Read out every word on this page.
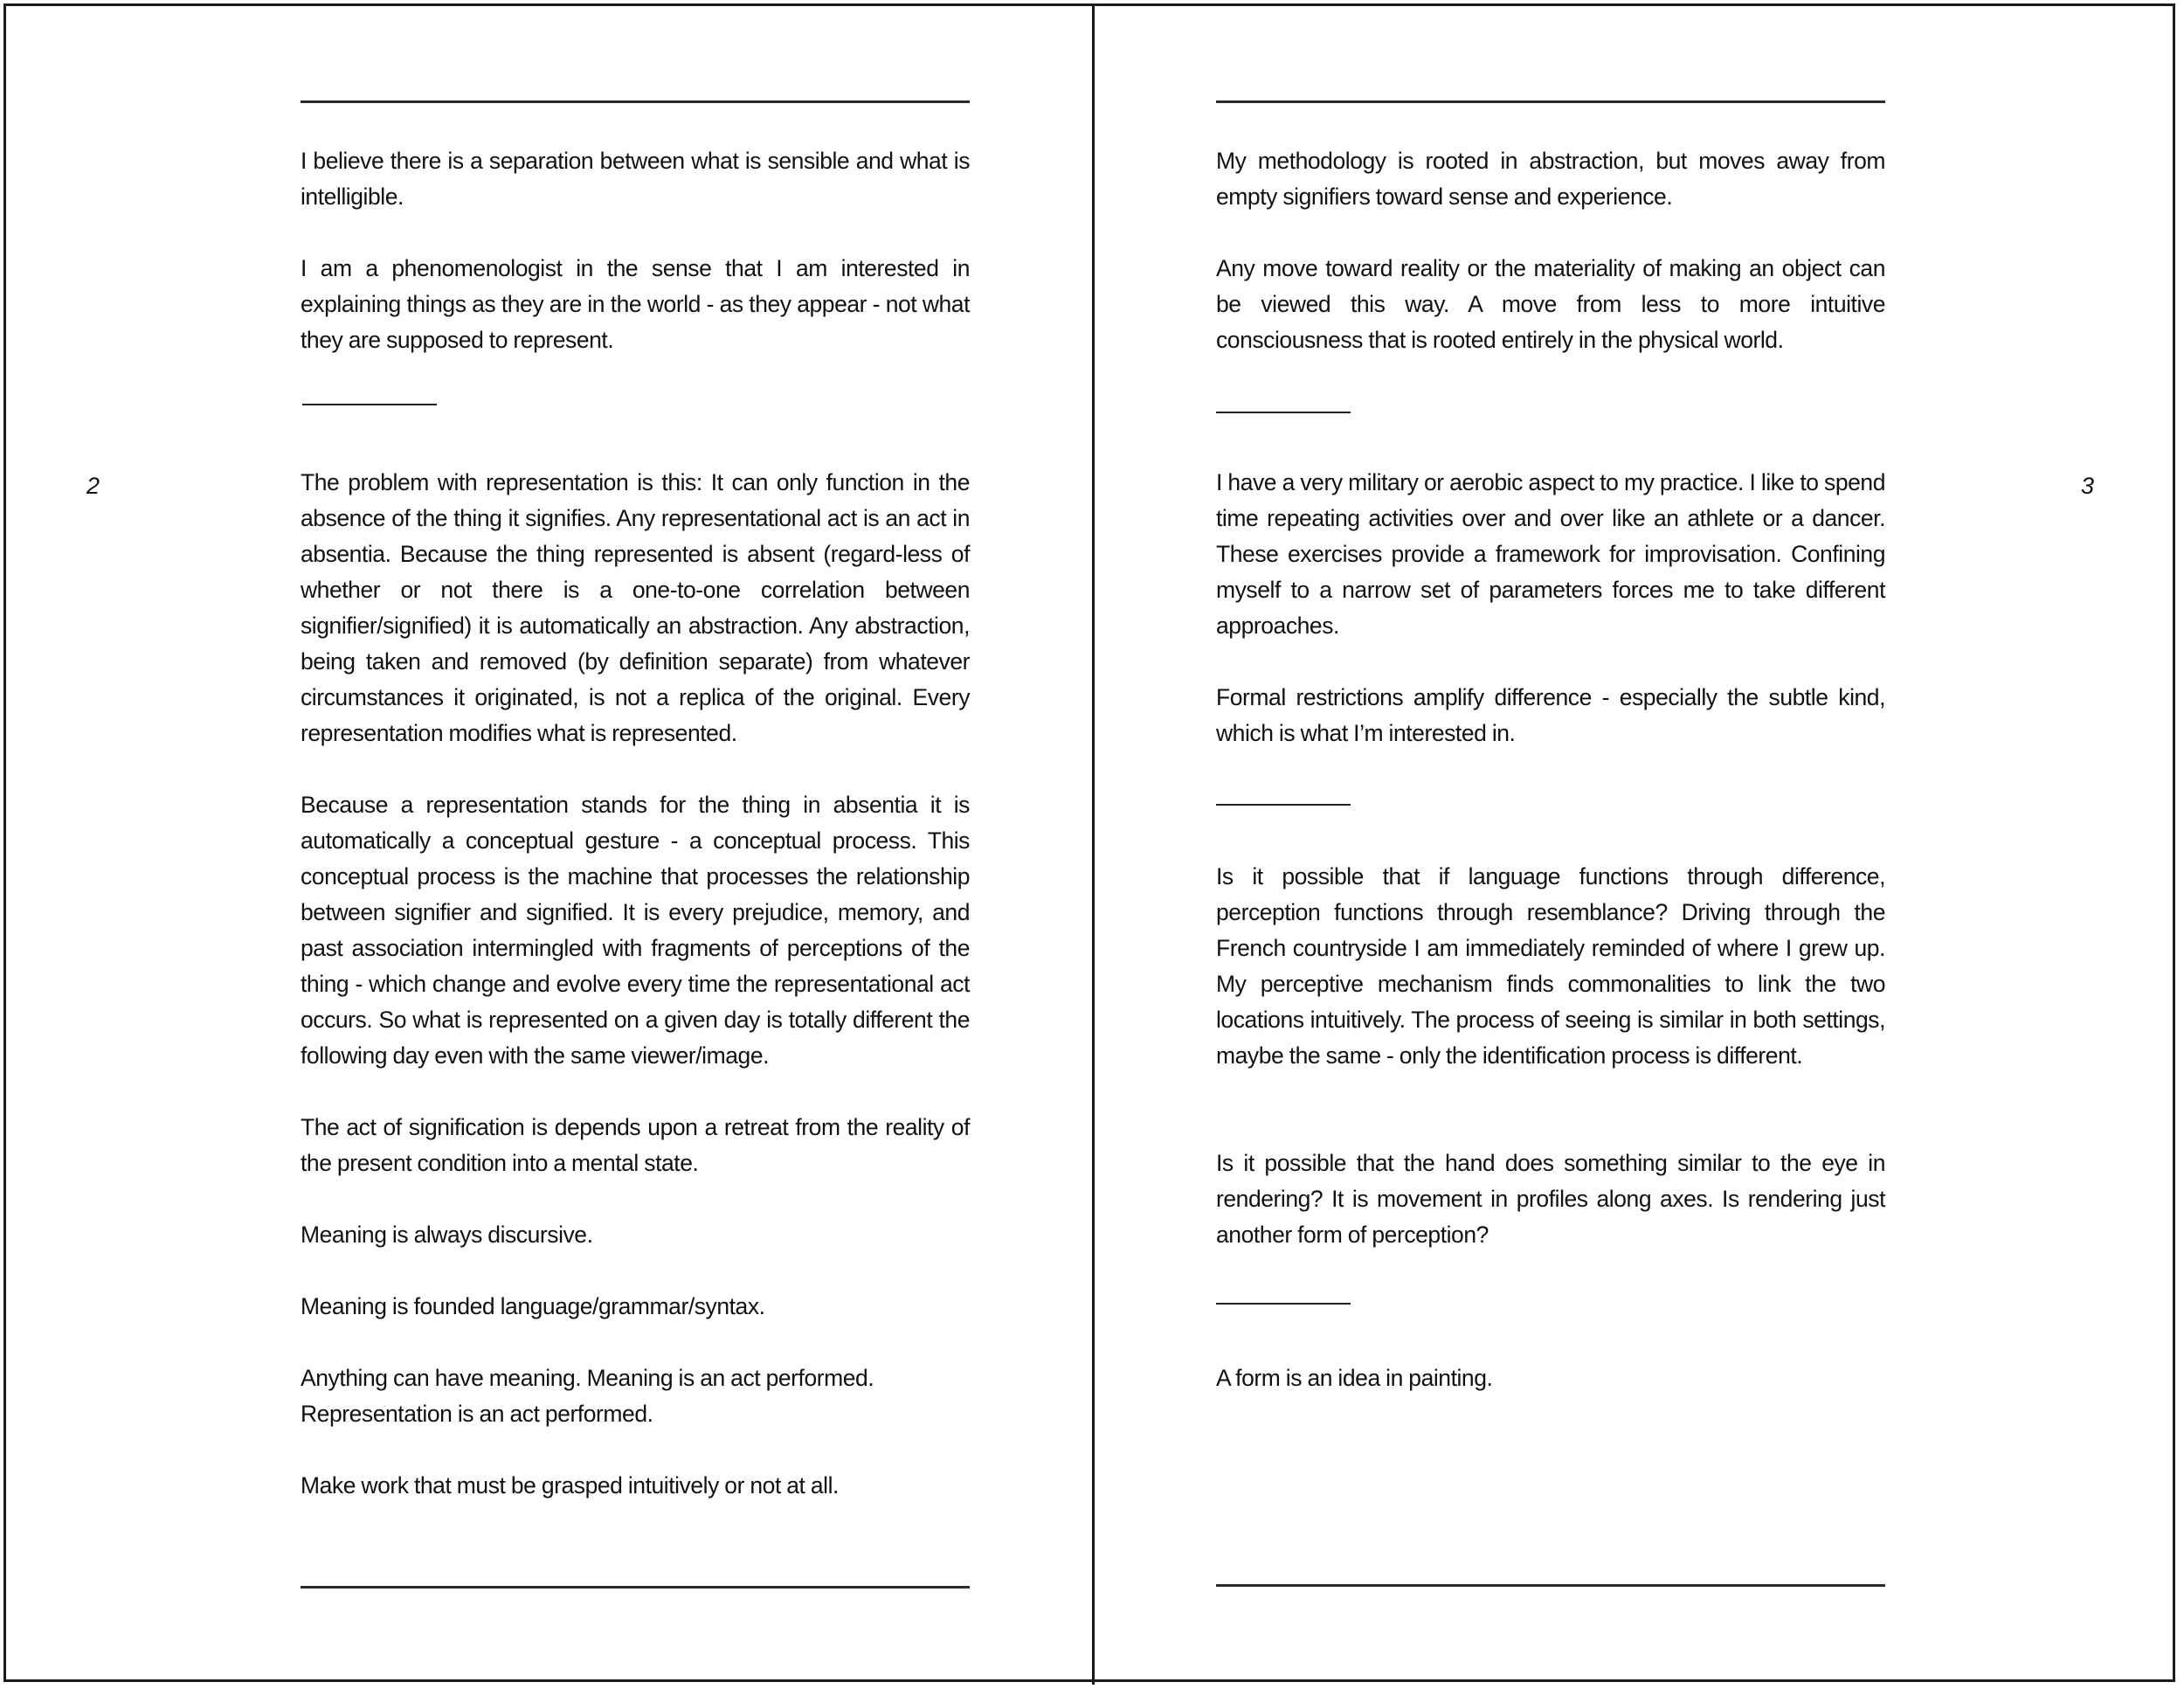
2

I believe there is a separation between what is sensible and what is intelligible.

I am a phenomenologist in the sense that I am interested in explaining things as they are in the world - as they appear - not what they are supposed to represent.

The problem with representation is this: It can only function in the absence of the thing it signifies. Any representational act is an act in absentia. Because the thing represented is absent (regard-less of whether or not there is a one-to-one correlation between signifier/signified) it is automatically an abstraction. Any abstraction, being taken and removed (by definition separate) from whatever circumstances it originated, is not a replica of the original. Every representation modifies what is represented.

Because a representation stands for the thing in absentia it is automatically a conceptual gesture - a conceptual process. This conceptual process is the machine that processes the relationship between signifier and signified. It is every prejudice, memory, and past association intermingled with fragments of perceptions of the thing - which change and evolve every time the representational act occurs. So what is represented on a given day is totally different the following day even with the same viewer/image.

The act of signification is depends upon a retreat from the reality of the present condition into a mental state.

Meaning is always discursive.

Meaning is founded language/grammar/syntax.

Anything can have meaning. Meaning is an act performed. Representation is an act performed.

Make work that must be grasped intuitively or not at all.

3

My methodology is rooted in abstraction, but moves away from empty signifiers toward sense and experience.

Any move toward reality or the materiality of making an object can be viewed this way. A move from less to more intuitive consciousness that is rooted entirely in the physical world.

I have a very military or aerobic aspect to my practice. I like to spend time repeating activities over and over like an athlete or a dancer. These exercises provide a framework for improvisation. Confining myself to a narrow set of parameters forces me to take different approaches.

Formal restrictions amplify difference - especially the subtle kind, which is what I’m interested in.

Is it possible that if language functions through difference, perception functions through resemblance? Driving through the French countryside I am immediately reminded of where I grew up. My perceptive mechanism finds commonalities to link the two locations intuitively. The process of seeing is similar in both settings, maybe the same - only the identification process is different.

Is it possible that the hand does something similar to the eye in rendering? It is movement in profiles along axes. Is rendering just another form of perception?

A form is an idea in painting.
